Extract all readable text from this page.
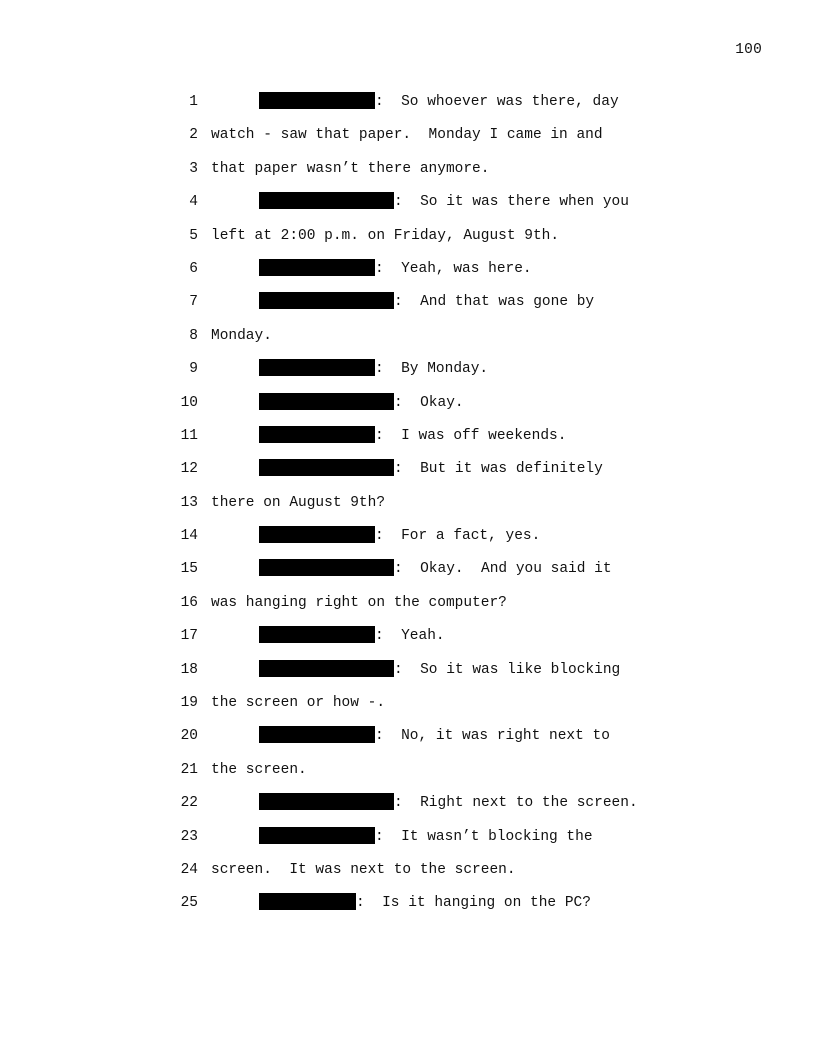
100
1	:  So whoever was there, day
2 watch - saw that paper.  Monday I came in and
3 that paper wasn’t there anymore.
4	:  So it was there when you
5 left at 2:00 p.m. on Friday, August 9th.
6	:  Yeah, was here.
7	:  And that was gone by
8 Monday.
9	:  By Monday.
10	:  Okay.
11	:  I was off weekends.
12	:  But it was definitely
13 there on August 9th?
14	:  For a fact, yes.
15	:  Okay.  And you said it
16 was hanging right on the computer?
17	:  Yeah.
18	:  So it was like blocking
19 the screen or how -.
20	:  No, it was right next to
21 the screen.
22	:  Right next to the screen.
23	:  It wasn’t blocking the
24 screen.  It was next to the screen.
25	:  Is it hanging on the PC?
